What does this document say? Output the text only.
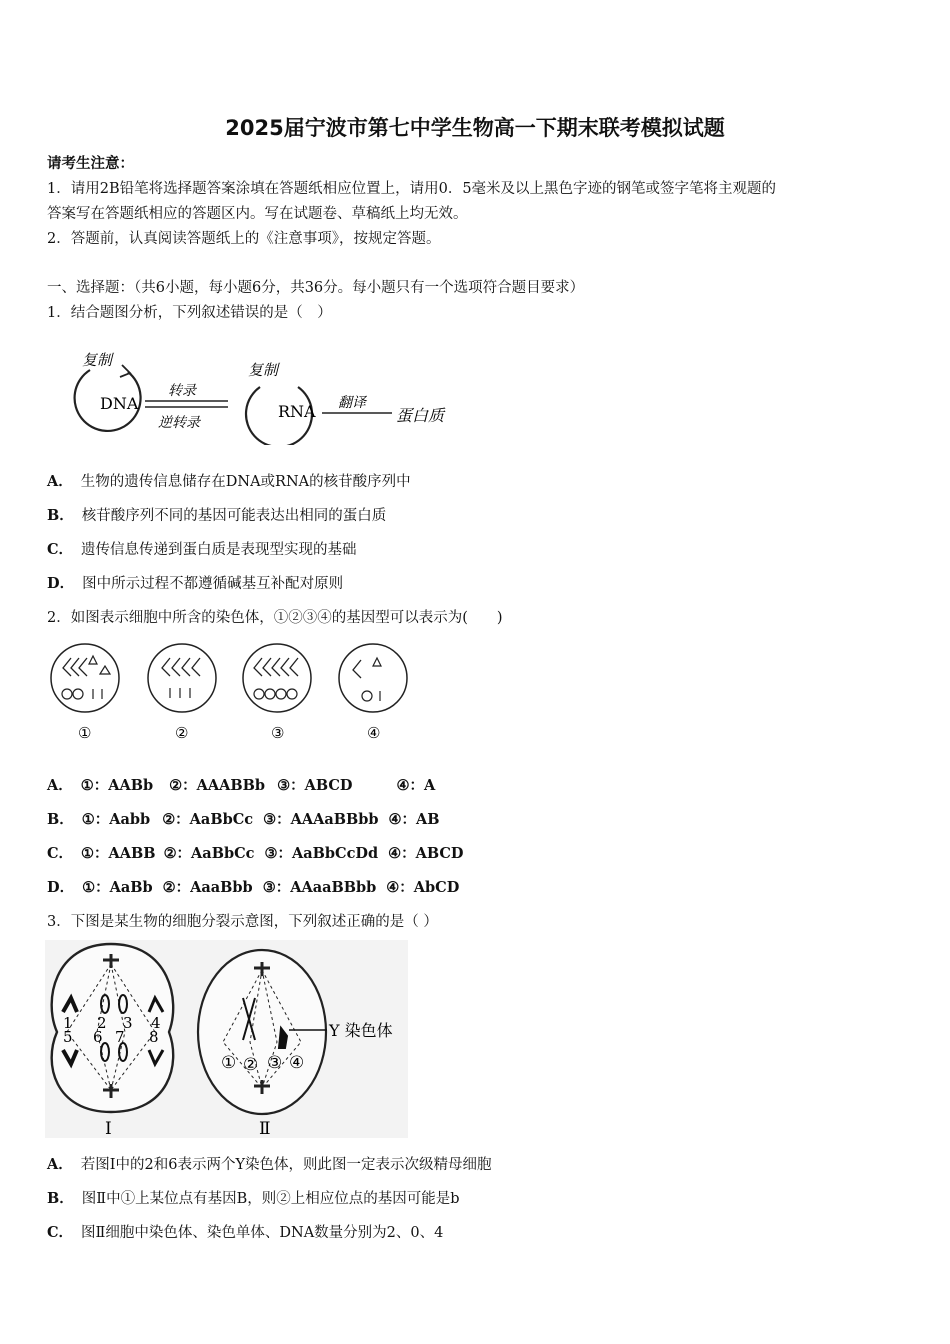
2025届宁波市第七中学生物高一下期末联考模拟试题
请考生注意：
1．请用2B铅笔将选择题答案涂填在答题纸相应位置上，请用0．5毫米及以上黑色字迹的钢笔或签字笔将主观题的
答案写在答题纸相应的答题区内。写在试题卷、草稿纸上均无效。
2．答题前，认真阅读答题纸上的《注意事项》，按规定答题。
一、选择题：（共6小题，每小题6分，共36分。每小题只有一个选项符合题目要求）
1．结合题图分析，下列叙述错误的是（　）
DNA
复制
转录
逆转录
复制
RNA 翻译
蛋白质
A． 生物的遗传信息储存在DNA或RNA的核苷酸序列中
B． 核苷酸序列不同的基因可能表达出相同的蛋白质
C． 遗传信息传递到蛋白质是表现型实现的基础
D． 图中所示过程不都遵循碱基互补配对原则
2．如图表示细胞中所含的染色体，①②③④的基因型可以表示为(　　)
①	②	③	④
A． ①：AABb ②：AAABBb ③：ABCD	④：A
B． ①：Aabb ②：AaBbCc ③：AAAaBBbb ④：AB
C． ①：AABB ②：AaBbCc ③：AaBbCcDd ④：ABCD
D． ①：AaBb ②：AaaBbb ③：AAaaBBbb ④：AbCD
3．下图是某生物的细胞分裂示意图，下列叙述正确的是（ ）
1 2 3 4
5 6 7 8
Ⅰ
Y 染色体
① ② ③ ④
Ⅱ
A． 若图Ⅰ中的2和6表示两个Y染色体，则此图一定表示次级精母细胞
B． 图Ⅱ中①上某位点有基因B，则②上相应位点的基因可能是b
C． 图Ⅱ细胞中染色体、染色单体、DNA数量分别为2、0、4
